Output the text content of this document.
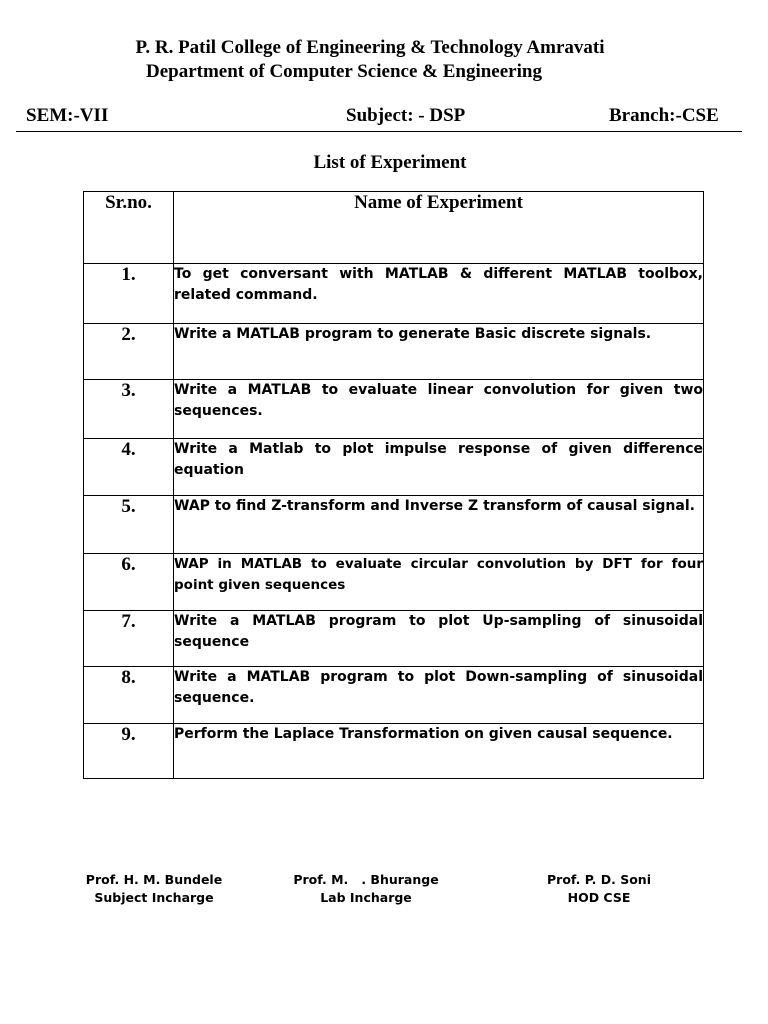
P. R. Patil College of Engineering & Technology Amravati
Department of Computer Science & Engineering
SEM:-VII	Subject: - DSP	Branch:-CSE
List of Experiment
Sr.no.	Name of Experiment
1.	To get conversant with MATLAB & different MATLAB toolbox, related command.
2.	Write a MATLAB program to generate Basic discrete signals.
3.	Write a MATLAB to evaluate linear convolution for given two sequences.
4.	Write a Matlab to plot impulse response of given difference equation
5.	WAP to find Z-transform and Inverse Z transform of causal signal.
6.	WAP in MATLAB to evaluate circular convolution by DFT for four point given sequences
7.	Write a MATLAB program to plot Up-sampling of sinusoidal sequence
8.	Write a MATLAB program to plot Down-sampling of sinusoidal sequence.
9.	Perform the Laplace Transformation on given causal sequence.
Prof. H. M. Bundele
Subject Incharge
Prof. M.   . Bhurange
Lab Incharge
Prof. P. D. Soni
HOD CSE
